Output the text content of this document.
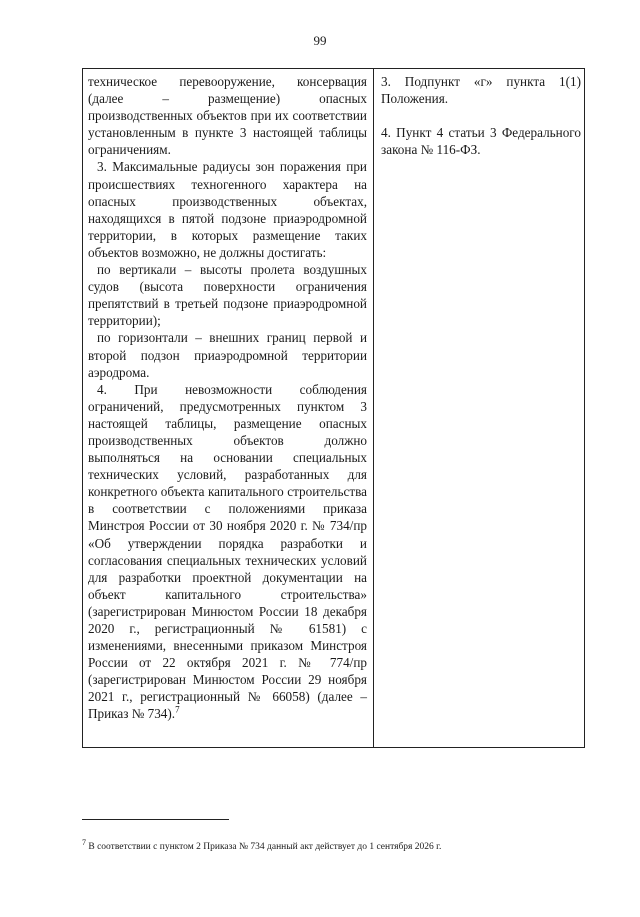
99

техническое перевооружение, консервация (далее – размещение) опасных производственных объектов при их соответствии установленным в пункте 3 настоящей таблицы ограничениям.

3. Максимальные радиусы зон поражения при происшествиях техногенного характера на опасных производственных объектах, находящихся в пятой подзоне приаэродромной территории, в которых размещение таких объектов возможно, не должны достигать:

по вертикали – высоты пролета воздушных судов (высота поверхности ограничения препятствий в третьей подзоне приаэродромной территории);

по горизонтали – внешних границ первой и второй подзон приаэродромной территории аэродрома.

4. При невозможности соблюдения ограничений, предусмотренных пунктом 3 настоящей таблицы, размещение опасных производственных объектов должно выполняться на основании специальных технических условий, разработанных для конкретного объекта капитального строительства в соответствии с положениями приказа Минстроя России от 30 ноября 2020 г. № 734/пр «Об утверждении порядка разработки и согласования специальных технических условий для разработки проектной документации на объект капитального строительства» (зарегистрирован Минюстом России 18 декабря 2020 г., регистрационный № 61581) с изменениями, внесенными приказом Минстроя России от 22 октября 2021 г. № 774/пр (зарегистрирован Минюстом России 29 ноября 2021 г., регистрационный № 66058) (далее – Приказ № 734).$^7$

3. Подпункт «г» пункта 1(1) Положения.

4. Пункт 4 статьи 3 Федерального закона № 116-ФЗ.

$^7$ В соответствии с пунктом 2 Приказа № 734 данный акт действует до 1 сентября 2026 г.
